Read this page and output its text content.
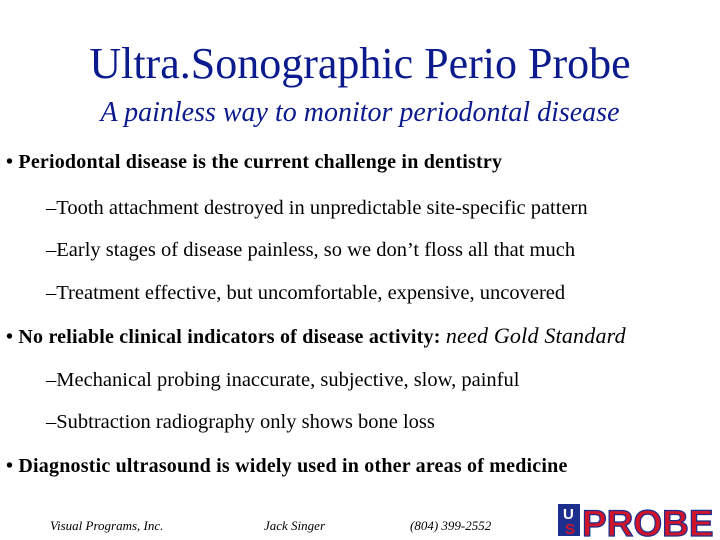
Ultra.Sonographic Perio Probe
A painless way to monitor periodontal disease
• Periodontal disease is the current challenge in dentistry
–Tooth attachment destroyed in unpredictable site-specific pattern
–Early stages of disease painless, so we don’t floss all that much
–Treatment effective, but uncomfortable, expensive, uncovered
• No reliable clinical indicators of disease activity: need Gold Standard
–Mechanical probing inaccurate, subjective, slow, painful
–Subtraction radiography only shows bone loss
• Diagnostic ultrasound is widely used in other areas of medicine
Visual Programs, Inc.	Jack Singer	(804) 399-2552
U
S PROBE
